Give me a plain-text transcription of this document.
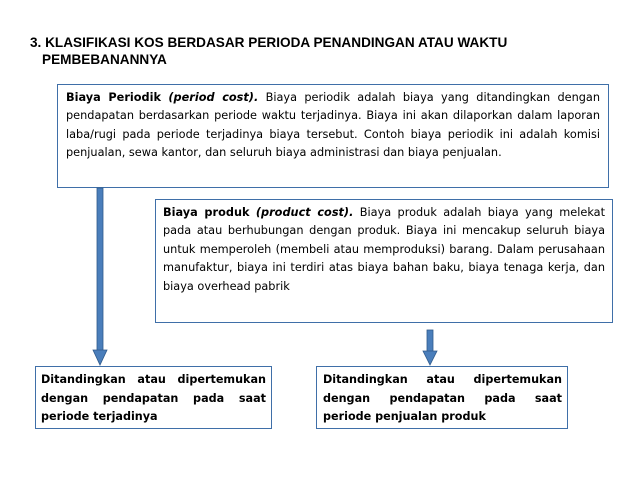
3. KLASIFIKASI KOS BERDASAR PERIODA PENANDINGAN ATAU WAKTU
PEMBEBANANNYA
Biaya Periodik (period cost). Biaya periodik adalah biaya yang ditandingkan dengan pendapatan berdasarkan periode waktu terjadinya. Biaya ini akan dilaporkan dalam laporan laba/rugi pada periode terjadinya biaya tersebut. Contoh biaya periodik ini adalah komisi penjualan, sewa kantor, dan seluruh biaya administrasi dan biaya penjualan.
Biaya produk (product cost). Biaya produk adalah biaya yang melekat pada atau berhubungan dengan produk. Biaya ini mencakup seluruh biaya untuk memperoleh (membeli atau memproduksi) barang. Dalam perusahaan manufaktur, biaya ini terdiri atas biaya bahan baku, biaya tenaga kerja, dan biaya overhead pabrik
Ditandingkan atau dipertemukan dengan pendapatan pada saat periode terjadinya
Ditandingkan atau dipertemukan dengan pendapatan pada saat periode penjualan produk
